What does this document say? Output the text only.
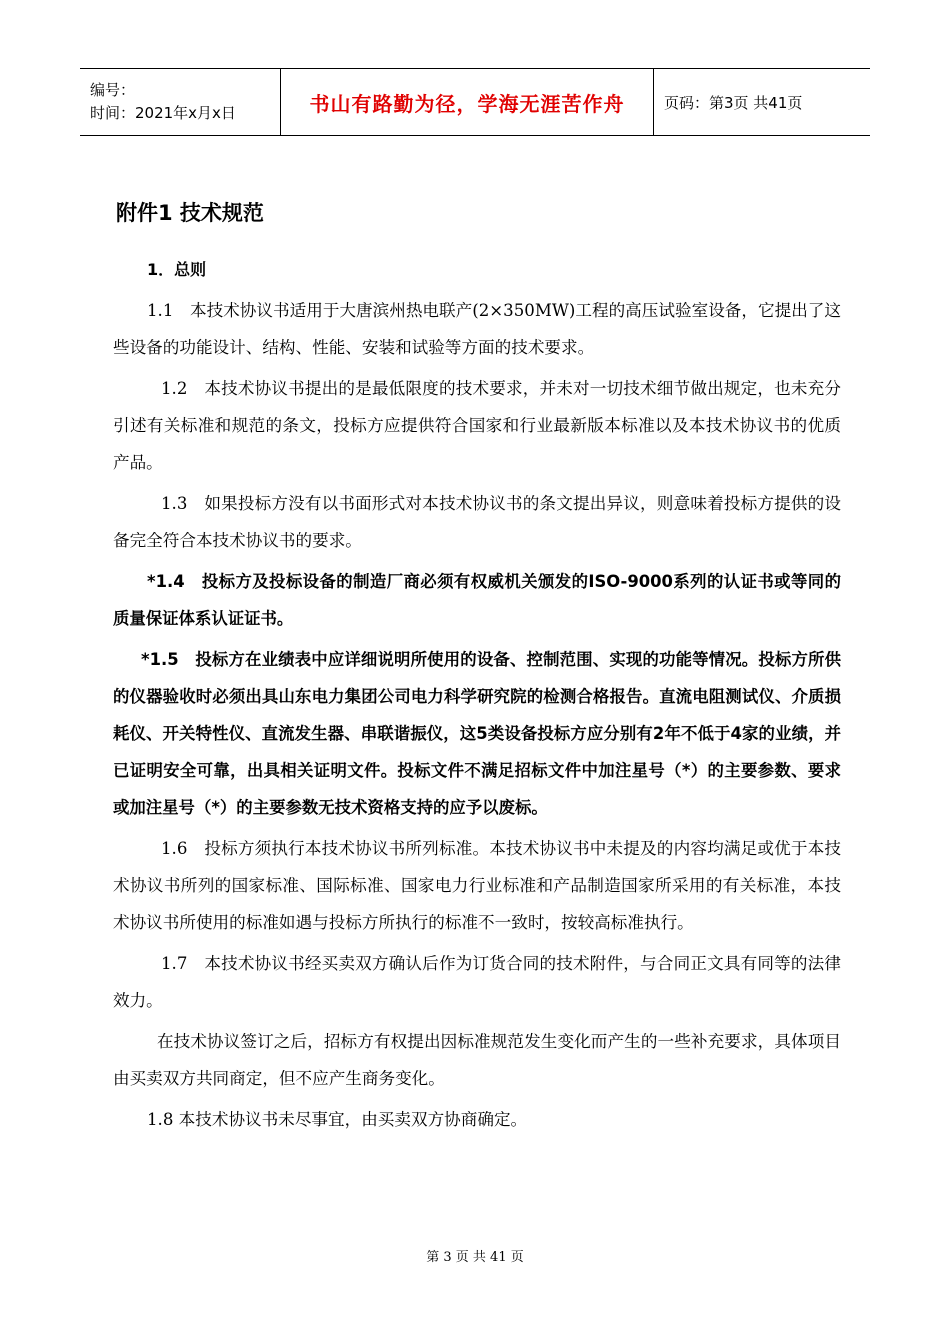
编号：
时间：2021年x月x日	书山有路勤为径，学海无涯苦作舟	页码：第3页 共41页
附件1 技术规范
1．总则
1.1　本技术协议书适用于大唐滨州热电联产(2×350MW)工程的高压试验室设备，它提出了这些设备的功能设计、结构、性能、安装和试验等方面的技术要求。
1.2　本技术协议书提出的是最低限度的技术要求，并未对一切技术细节做出规定，也未充分引述有关标准和规范的条文，投标方应提供符合国家和行业最新版本标准以及本技术协议书的优质产品。
1.3　如果投标方没有以书面形式对本技术协议书的条文提出异议，则意味着投标方提供的设备完全符合本技术协议书的要求。
*1.4　投标方及投标设备的制造厂商必须有权威机关颁发的ISO-9000系列的认证书或等同的质量保证体系认证证书。
*1.5　投标方在业绩表中应详细说明所使用的设备、控制范围、实现的功能等情况。投标方所供的仪器验收时必须出具山东电力集团公司电力科学研究院的检测合格报告。直流电阻测试仪、介质损耗仪、开关特性仪、直流发生器、串联谐振仪，这5类设备投标方应分别有2年不低于4家的业绩，并已证明安全可靠，出具相关证明文件。投标文件不满足招标文件中加注星号（*）的主要参数、要求或加注星号（*）的主要参数无技术资格支持的应予以废标。
1.6　投标方须执行本技术协议书所列标准。本技术协议书中未提及的内容均满足或优于本技术协议书所列的国家标准、国际标准、国家电力行业标准和产品制造国家所采用的有关标准，本技术协议书所使用的标准如遇与投标方所执行的标准不一致时，按较高标准执行。
1.7　本技术协议书经买卖双方确认后作为订货合同的技术附件，与合同正文具有同等的法律效力。
在技术协议签订之后，招标方有权提出因标准规范发生变化而产生的一些补充要求，具体项目由买卖双方共同商定，但不应产生商务变化。
1.8 本技术协议书未尽事宜，由买卖双方协商确定。
第 3 页 共 41 页
